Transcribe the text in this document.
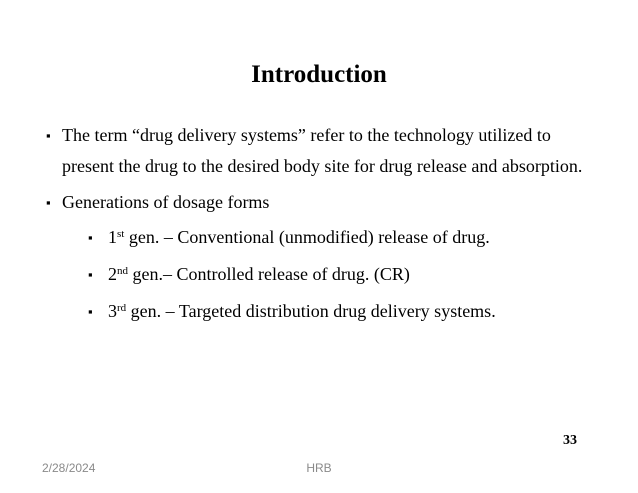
Introduction
▪ The term “drug delivery systems” refer to the technology utilized to present the drug to the desired body site for drug release and absorption.
▪ Generations of dosage forms
▪ 1st gen. – Conventional (unmodified) release of drug.
▪ 2nd gen.– Controlled release of drug. (CR)
▪ 3rd gen. – Targeted distribution drug delivery systems.
33
2/28/2024	HRB
